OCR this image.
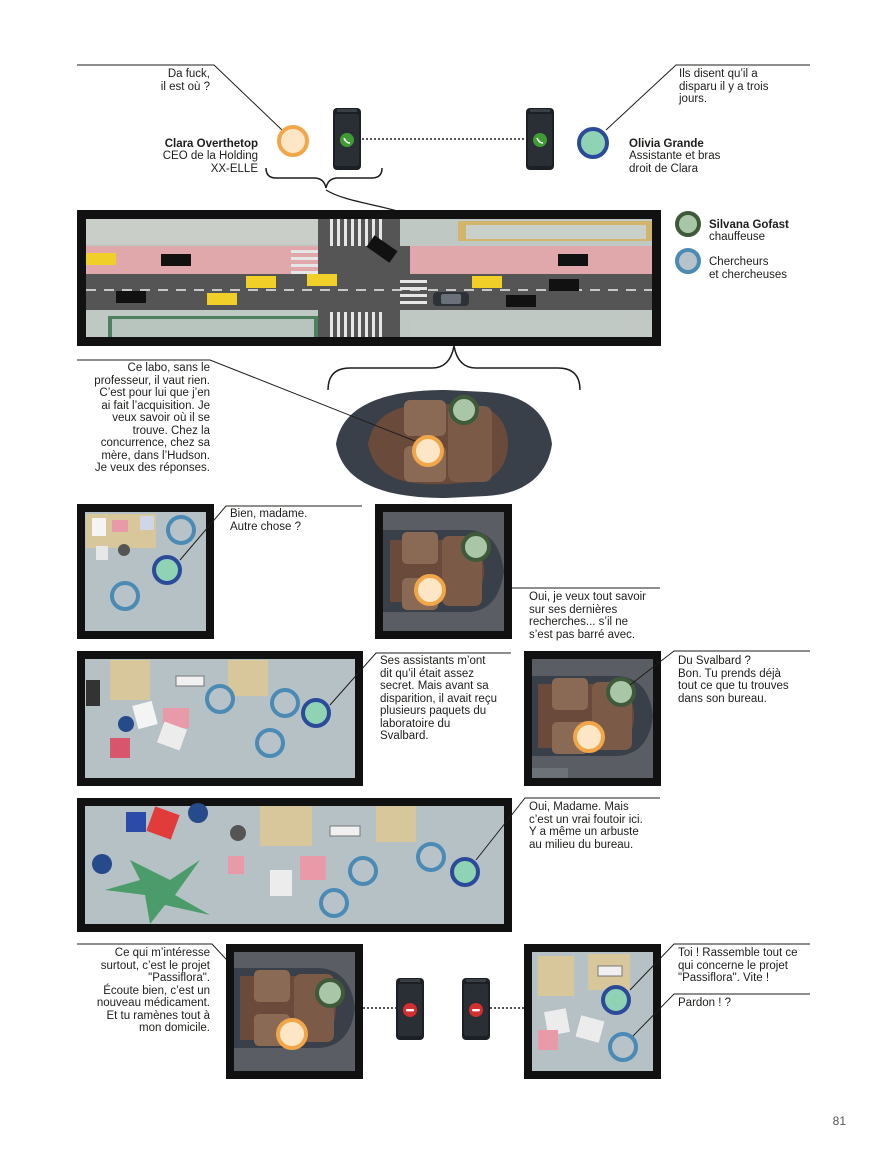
Da fuck,
il est où ?
Clara Overthetop
CEO de la Holding
XX-ELLE
Ils disent qu’il a
disparu il y a trois
jours.
Olivia Grande
Assistante et bras
droit de Clara
Silvana Gofast
chauffeuse
Chercheurs
et chercheuses
Ce labo, sans le
professeur, il vaut rien.
C’est pour lui que j’en
ai fait l’acquisition. Je
veux savoir où il se
trouve. Chez la
concurrence, chez sa
mère, dans l’Hudson.
Je veux des réponses.
Bien, madame.
Autre chose ?
Oui, je veux tout savoir
sur ses dernières
recherches... s’il ne
s’est pas barré avec.
Ses assistants m’ont
dit qu’il était assez
secret. Mais avant sa
disparition, il avait reçu
plusieurs paquets du
laboratoire du
Svalbard.
Du Svalbard ?
Bon. Tu prends déjà
tout ce que tu trouves
dans son bureau.
Oui, Madame. Mais
c’est un vrai foutoir ici.
Y a même un arbuste
au milieu du bureau.
Ce qui m’intéresse
surtout, c’est le projet
"Passiflora".
Écoute bien, c’est un
nouveau médicament.
Et tu ramènes tout à
mon domicile.
Toi ! Rassemble tout ce
qui concerne le projet
"Passiflora". Vite !
Pardon ! ?
81
